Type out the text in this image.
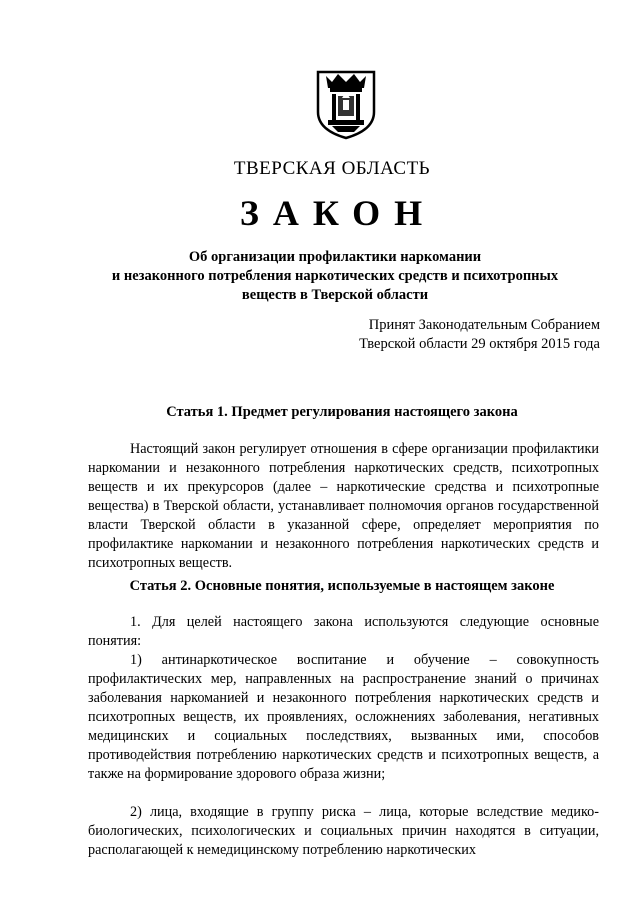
ТВЕРСКАЯ ОБЛАСТЬ
ЗАКОН
Об организации профилактики наркомании
и незаконного потребления наркотических средств и психотропных
веществ в Тверской области
Принят Законодательным Собранием
Тверской области 29 октября 2015 года
Статья 1. Предмет регулирования настоящего закона
Настоящий закон регулирует отношения в сфере организации профилактики наркомании и незаконного потребления наркотических средств, психотропных веществ и их прекурсоров (далее – наркотические средства и психотропные вещества) в Тверской области, устанавливает полномочия органов государственной власти Тверской области в указанной сфере, определяет мероприятия по профилактике наркомании и незаконного потребления наркотических средств и психотропных веществ.
Статья 2. Основные понятия, используемые в настоящем законе
1. Для целей настоящего закона используются следующие основные понятия:
1) антинаркотическое воспитание и обучение – совокупность профилактических мер, направленных на распространение знаний о причинах заболевания наркоманией и незаконного потребления наркотических средств и психотропных веществ, их проявлениях, осложнениях заболевания, негативных медицинских и социальных последствиях, вызванных ими, способов противодействия потреблению наркотических средств и психотропных веществ, а также на формирование здорового образа жизни;
2) лица, входящие в группу риска – лица, которые вследствие медико-биологических, психологических и социальных причин находятся в ситуации, располагающей к немедицинскому потреблению наркотических
